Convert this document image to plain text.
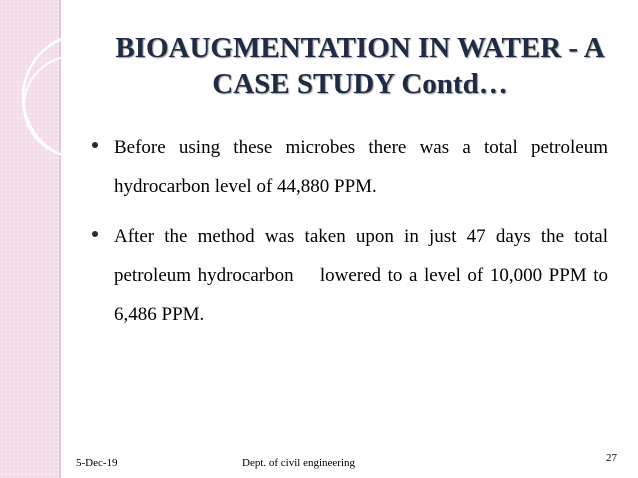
BIOAUGMENTATION IN WATER - A
CASE STUDY Contd…
Before using these microbes there was a total petroleum hydrocarbon level of 44,880 PPM.
After the method was taken upon in just 47 days the total petroleum hydrocarbon    lowered to a level of 10,000 PPM to 6,486 PPM.
5-Dec-19	Dept. of civil engineering	27
